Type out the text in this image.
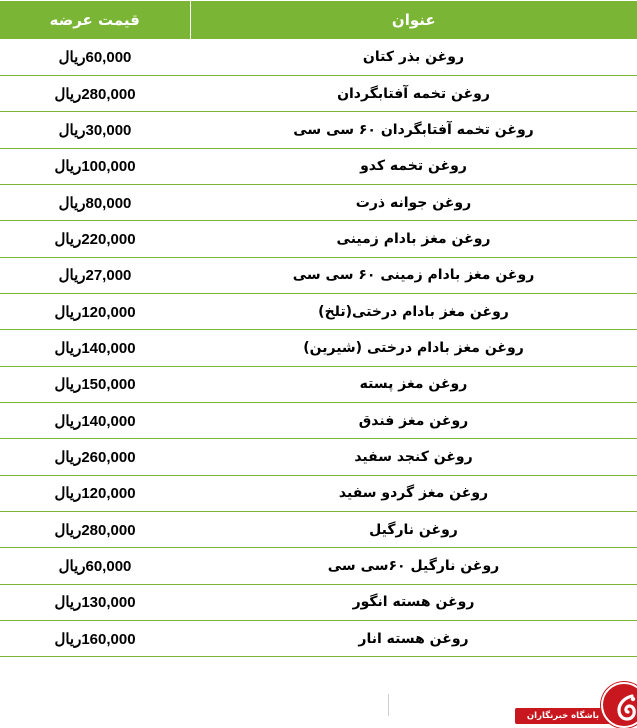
قیمت عرضه	عنوان
60,000ریال	روغن بذر کتان
280,000ریال	روغن تخمه آفتابگردان
30,000ریال	روغن تخمه آفتابگردان ۶۰ سی سی
100,000ریال	روغن تخمه کدو
80,000ریال	روغن جوانه ذرت
220,000ریال	روغن مغز بادام زمینی
27,000ریال	روغن مغز بادام زمینی ۶۰ سی سی
120,000ریال	روغن مغز بادام درختی(تلخ)
140,000ریال	روغن مغز بادام درختی (شیرین)
150,000ریال	روغن مغز پسته
140,000ریال	روغن مغز فندق
260,000ریال	روغن کنجد سفید
120,000ریال	روغن مغز گردو سفید
280,000ریال	روغن نارگیل
60,000ریال	روغن نارگیل ۶۰سی سی
130,000ریال	روغن هسته انگور
160,000ریال	روغن هسته انار
باشگاه خبرنگاران
